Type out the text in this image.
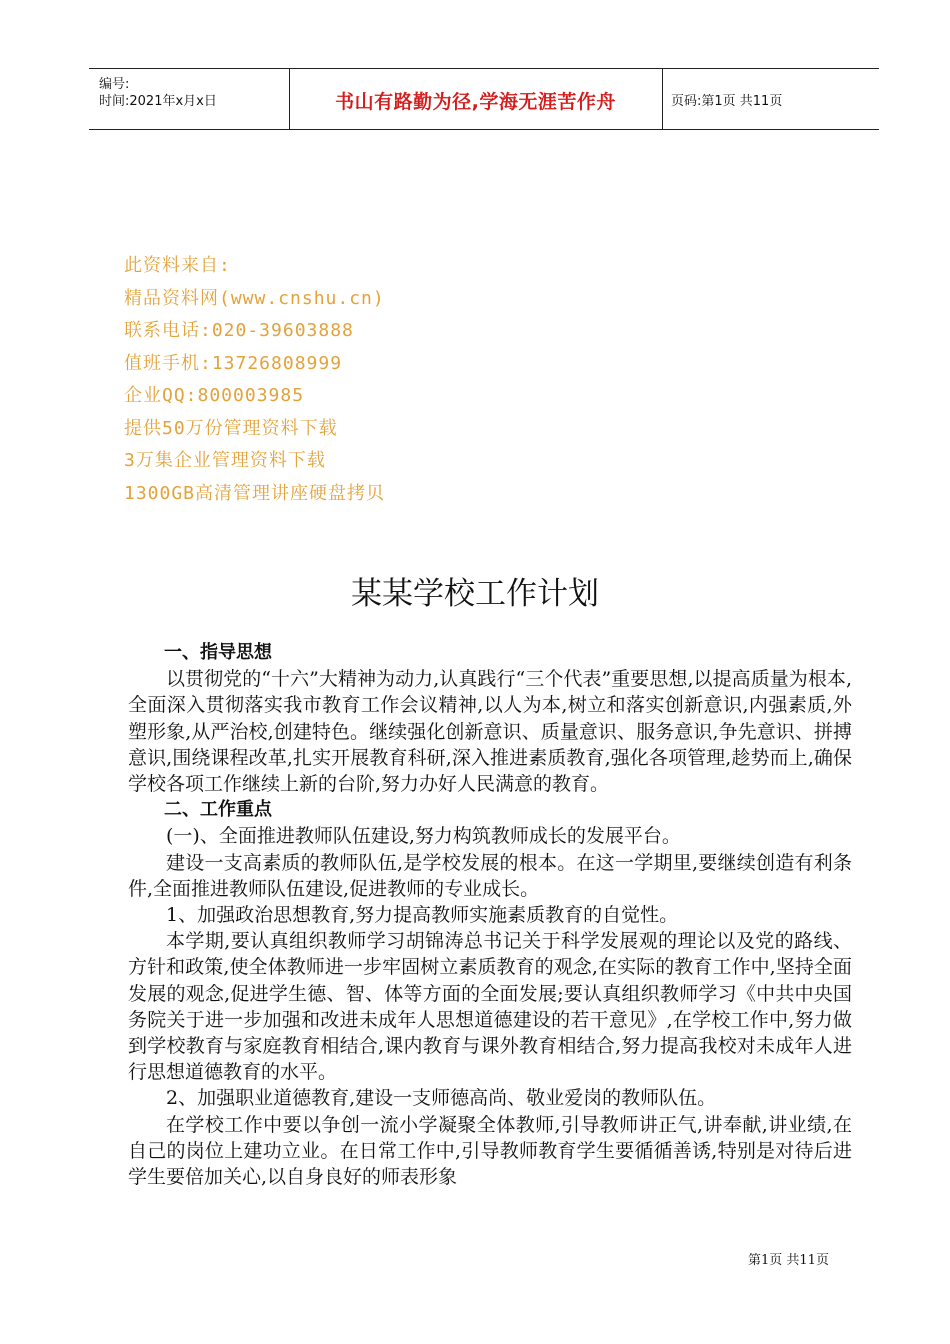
编号:
时间:2021年x月x日	书山有路勤为径,学海无涯苦作舟	页码:第1页 共11页
此资料来自:
精品资料网(www.cnshu.cn)
联系电话:020-39603888
值班手机:13726808999
企业QQ:800003985
提供50万份管理资料下载
3万集企业管理资料下载
1300GB高清管理讲座硬盘拷贝
某某学校工作计划
一、指导思想

以贯彻党的“十六”大精神为动力,认真践行“三个代表”重要思想,以提高质量为根本,全面深入贯彻落实我市教育工作会议精神,以人为本,树立和落实创新意识,内强素质,外塑形象,从严治校,创建特色。继续强化创新意识、质量意识、服务意识,争先意识、拼搏意识,围绕课程改革,扎实开展教育科研,深入推进素质教育,强化各项管理,趁势而上,确保学校各项工作继续上新的台阶,努力办好人民满意的教育。

二、工作重点

(一)、全面推进教师队伍建设,努力构筑教师成长的发展平台。

建设一支高素质的教师队伍,是学校发展的根本。在这一学期里,要继续创造有利条件,全面推进教师队伍建设,促进教师的专业成长。

1、加强政治思想教育,努力提高教师实施素质教育的自觉性。

本学期,要认真组织教师学习胡锦涛总书记关于科学发展观的理论以及党的路线、方针和政策,使全体教师进一步牢固树立素质教育的观念,在实际的教育工作中,坚持全面发展的观念,促进学生德、智、体等方面的全面发展;要认真组织教师学习《中共中央国务院关于进一步加强和改进未成年人思想道德建设的若干意见》,在学校工作中,努力做到学校教育与家庭教育相结合,课内教育与课外教育相结合,努力提高我校对未成年人进行思想道德教育的水平。

2、加强职业道德教育,建设一支师德高尚、敬业爱岗的教师队伍。

在学校工作中要以争创一流小学凝聚全体教师,引导教师讲正气,讲奉献,讲业绩,在自己的岗位上建功立业。在日常工作中,引导教师教育学生要循循善诱,特别是对待后进学生要倍加关心,以自身良好的师表形象

第1页 共11页
